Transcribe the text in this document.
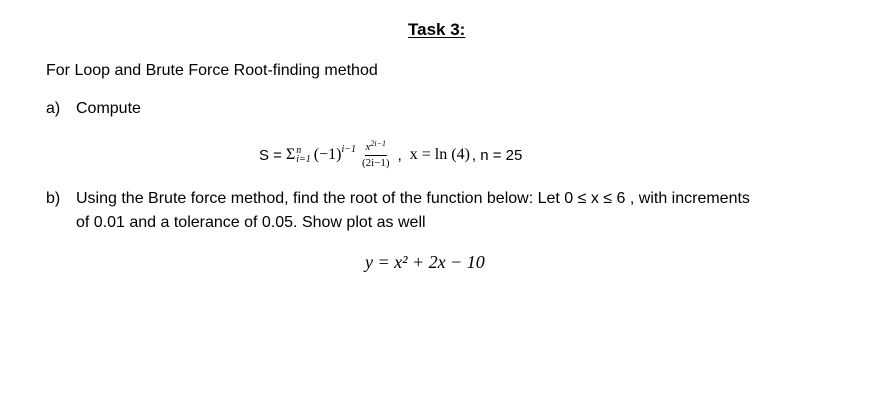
Task 3:
For Loop and Brute Force Root-finding method
a) Compute
S = Σ n
i=1 (−1) $i-1 \frac{x^{2i-1}}{(2i-1)}$ , x = ln (4) , n = 25
b) Using the Brute force method, find the root of the function below: Let 0 ≤ x ≤ 6 , with increments
of 0.01 and a tolerance of 0.05. Show plot as well
y = x² + 2x − 10
